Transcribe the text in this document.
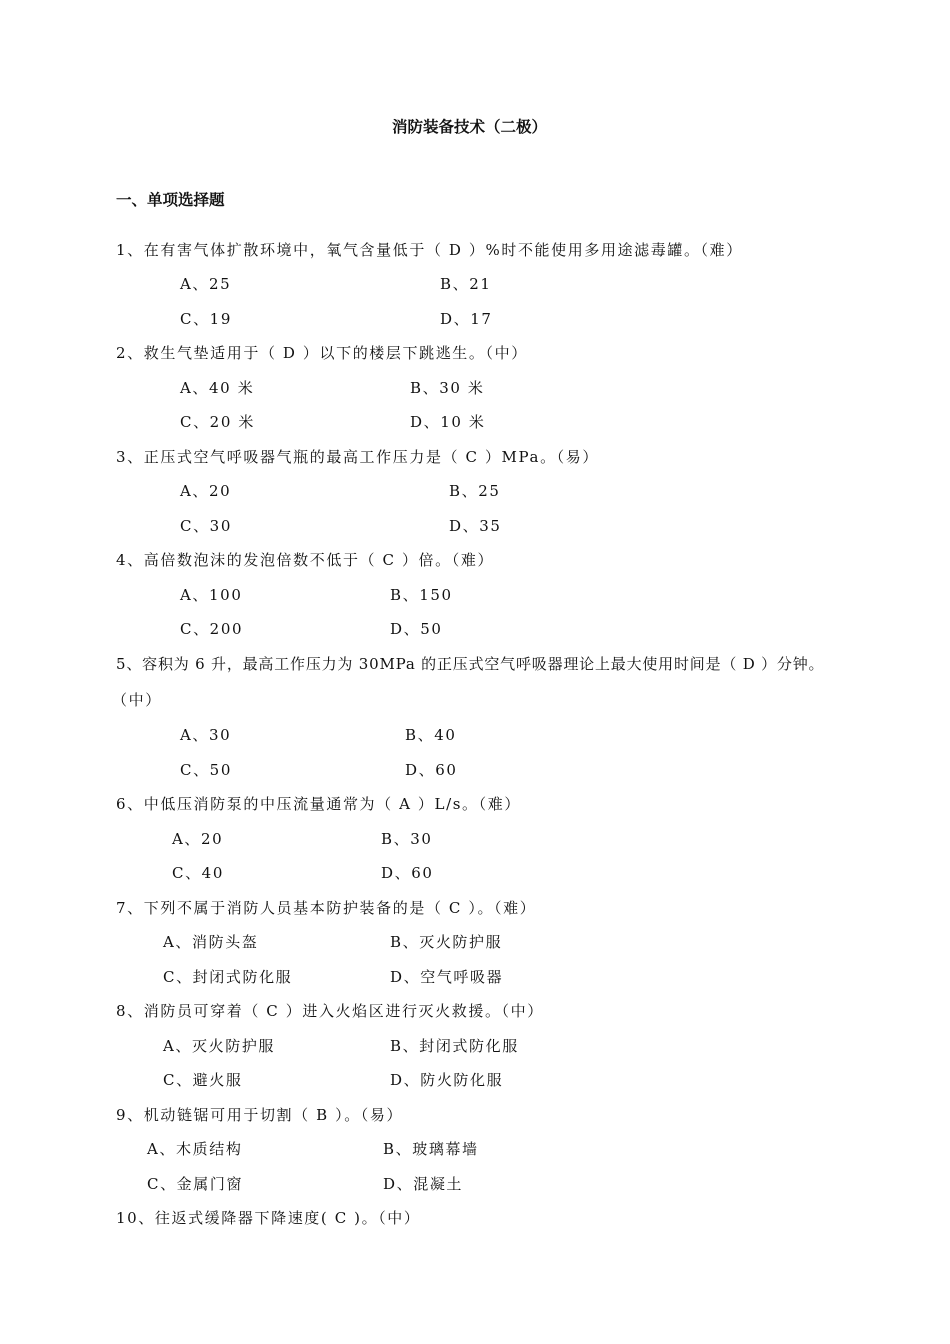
消防装备技术（二极）
一、单项选择题
1、在有害气体扩散环境中，氧气含量低于（ D ）%时不能使用多用途滤毒罐。（难）
A、25	B、21
C、19	D、17
2、救生气垫适用于（ D ）以下的楼层下跳逃生。（中）
A、40 米	B、30 米
C、20 米	D、10 米
3、正压式空气呼吸器气瓶的最高工作压力是（ C ）MPa。（易）
A、20	B、25
C、30	D、35
4、高倍数泡沫的发泡倍数不低于（ C ）倍。（难）
A、100	B、150
C、200	D、50
5、容积为 6 升，最高工作压力为 30MPa 的正压式空气呼吸器理论上最大使用时间是（ D ）分钟。
（中）
A、30	B、40
C、50	D、60
6、中低压消防泵的中压流量通常为（ A ）L/s。（难）
A、20	B、30
C、40	D、60
7、下列不属于消防人员基本防护装备的是（ C ）。（难）
A、消防头盔	B、灭火防护服
C、封闭式防化服	D、空气呼吸器
8、消防员可穿着（ C ）进入火焰区进行灭火救援。（中）
A、灭火防护服	B、封闭式防化服
C、避火服	D、防火防化服
9、机动链锯可用于切割（ B ）。（易）
A、木质结构	B、玻璃幕墙
C、金属门窗	D、混凝土
10、往返式缓降器下降速度( C )。（中）
